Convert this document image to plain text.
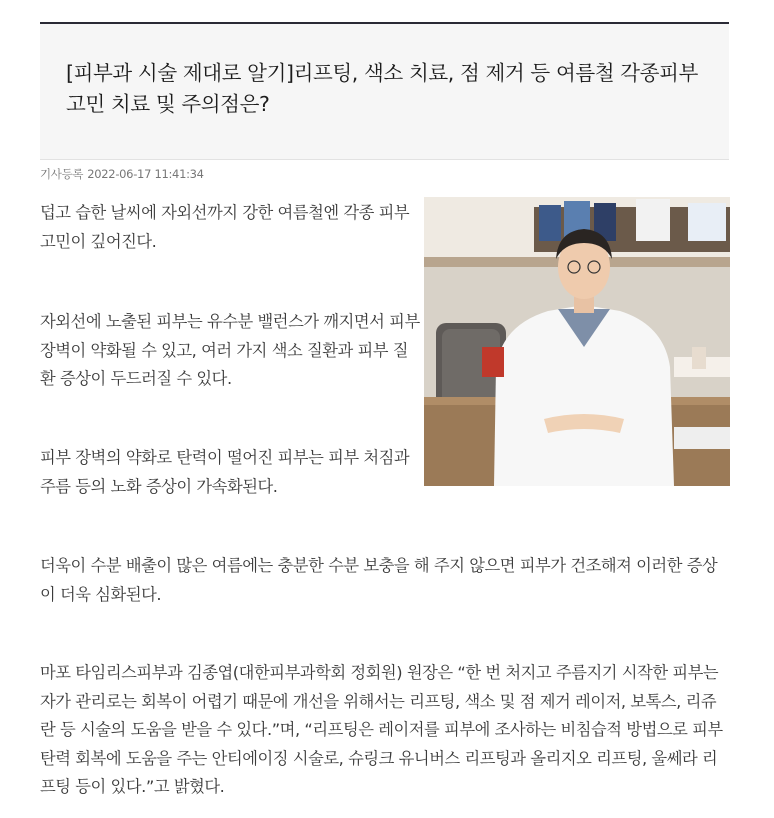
[피부과 시술 제대로 알기]리프팅, 색소 치료, 점 제거 등 여름철 각종피부고민 치료 및 주의점은?
기사등록 2022-06-17 11:41:34

덥고 습한 날씨에 자외선까지 강한 여름철엔 각종 피부 고민이 깊어진다.

자외선에 노출된 피부는 유수분 밸런스가 깨지면서 피부 장벽이 약화될 수 있고, 여러 가지 색소 질환과 피부 질환 증상이 두드러질 수 있다.

피부 장벽의 약화로 탄력이 떨어진 피부는 피부 처짐과 주름 등의 노화 증상이 가속화된다.

더욱이 수분 배출이 많은 여름에는 충분한 수분 보충을 해 주지 않으면 피부가 건조해져 이러한 증상이 더욱 심화된다.

마포 타임리스피부과 김종엽(대한피부과학회 정회원) 원장은 “한 번 처지고 주름지기 시작한 피부는 자가 관리로는 회복이 어렵기 때문에 개선을 위해서는 리프팅, 색소 및 점 제거 레이저, 보톡스, 리쥬란 등 시술의 도움을 받을 수 있다.”며, “리프팅은 레이저를 피부에 조사하는 비침습적 방법으로 피부 탄력 회복에 도움을 주는 안티에이징 시술로, 슈링크 유니버스 리프팅과 올리지오 리프팅, 울쎄라 리프팅 등이 있다.”고 밝혔다.
